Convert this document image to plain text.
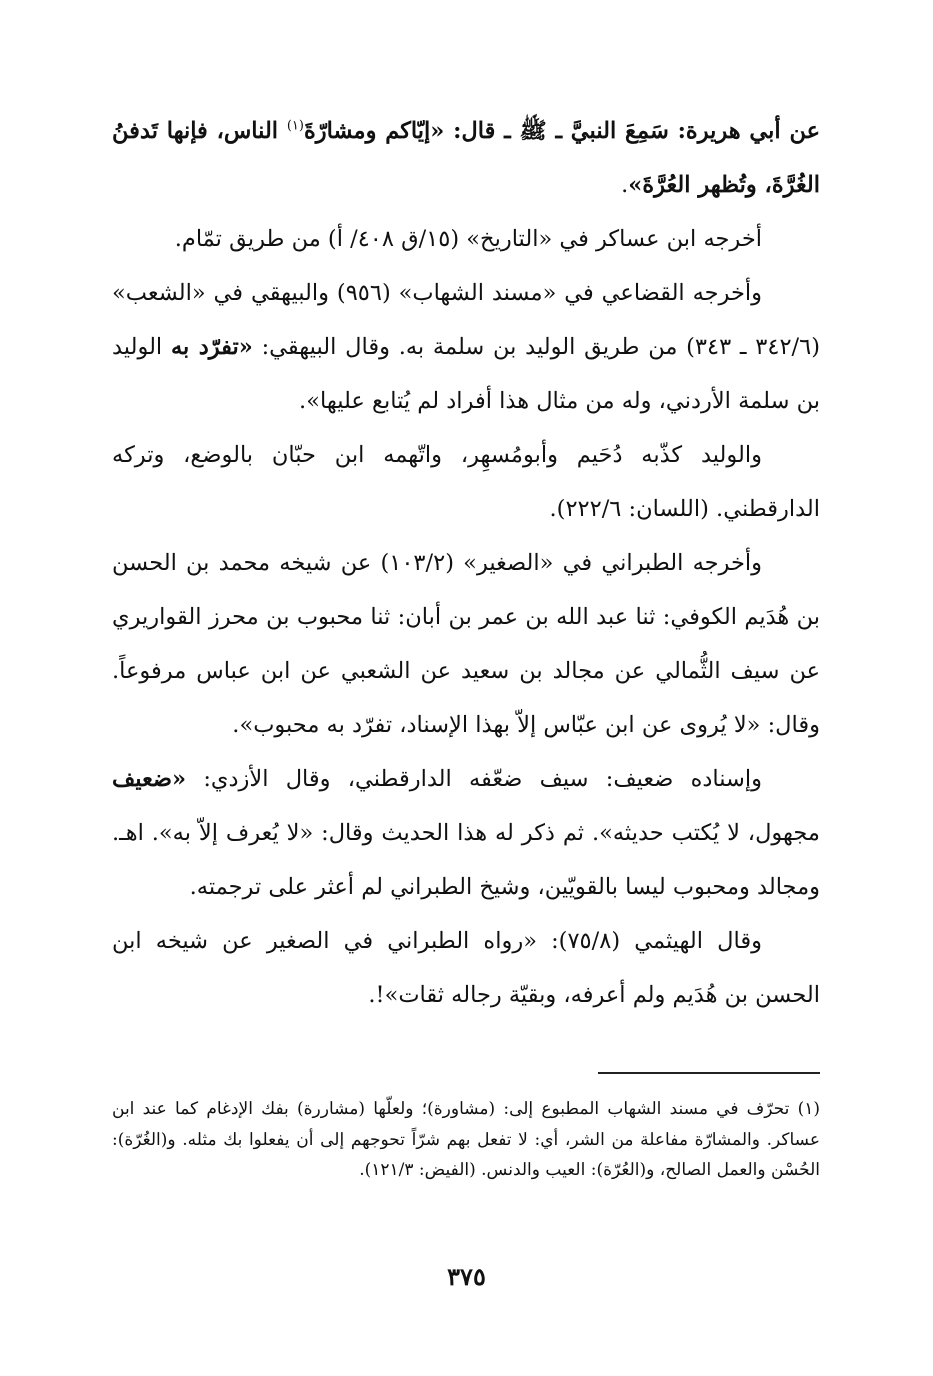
عن أبي هريرة: سَمِعَ النبيَّ ـ ﷺ ـ قال: «إيّاكم ومشارّةَ$^{(١)}$ الناس، فإنها تَدفنُ الغُرَّةَ، وتُظهر العُرَّةَ».

أخرجه ابن عساكر في «التاريخ» (١٥/ق ٤٠٨/ أ) من طريق تمّام.

وأخرجه القضاعي في «مسند الشهاب» (٩٥٦) والبيهقي في «الشعب» (٣٤٢/٦ ـ ٣٤٣) من طريق الوليد بن سلمة به. وقال البيهقي: «تفرّد به الوليد بن سلمة الأردني، وله من مثال هذا أفراد لم يُتابع عليها».

والوليد كذّبه دُحَيم وأبومُسهِر، واتّهمه ابن حبّان بالوضع، وتركه الدارقطني. (اللسان: ٢٢٢/٦).

وأخرجه الطبراني في «الصغير» (١٠٣/٢) عن شيخه محمد بن الحسن بن هُدَيم الكوفي: ثنا عبد الله بن عمر بن أبان: ثنا محبوب بن محرز القواريري عن سيف الثُّمالي عن مجالد بن سعيد عن الشعبي عن ابن عباس مرفوعاً. وقال: «لا يُروى عن ابن عبّاس إلاّ بهذا الإسناد، تفرّد به محبوب».

وإسناده ضعيف: سيف ضعّفه الدارقطني، وقال الأزدي: «ضعيف مجهول، لا يُكتب حديثه». ثم ذكر له هذا الحديث وقال: «لا يُعرف إلاّ به». اهـ. ومجالد ومحبوب ليسا بالقويّين، وشيخ الطبراني لم أعثر على ترجمته.

وقال الهيثمي (٧٥/٨): «رواه الطبراني في الصغير عن شيخه ابن الحسن بن هُدَيم ولم أعرفه، وبقيّة رجاله ثقات»!.

(١) تحرّف في مسند الشهاب المطبوع إلى: (مشاورة)؛ ولعلّها (مشاررة) بفك الإدغام كما عند ابن عساكر. والمشارّة مفاعلة من الشر، أي: لا تفعل بهم شرّاً تحوجهم إلى أن يفعلوا بك مثله. و(الغُرّة): الحُسْن والعمل الصالح، و(العُرّة): العيب والدنس. (الفيض: ١٢١/٣).

٣٧٥
